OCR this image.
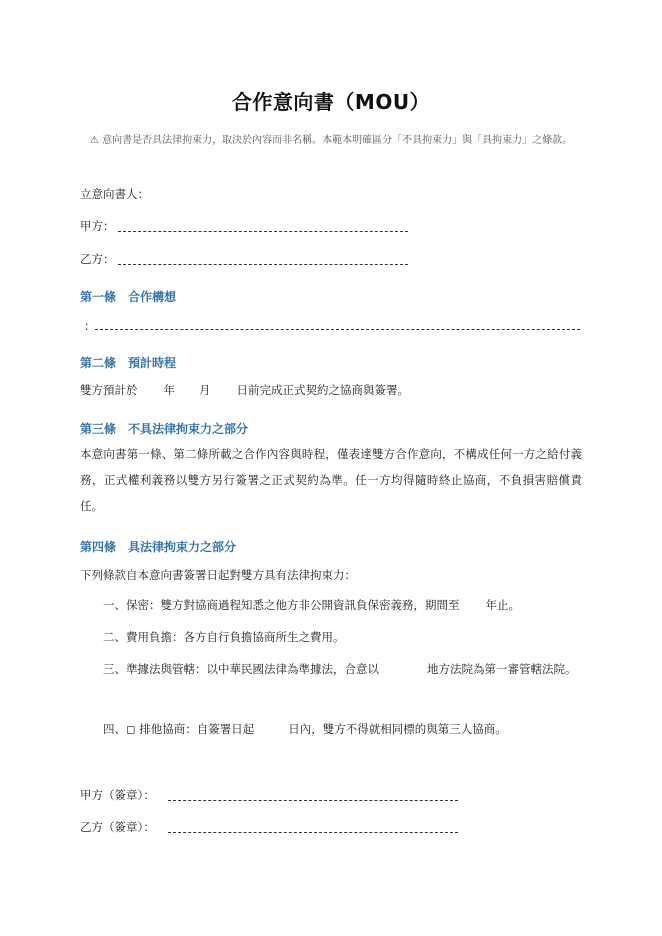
合作意向書（MOU）
⚠ 意向書是否具法律拘束力，取決於內容而非名稱。本範本明確區分「不具拘束力」與「具拘束力」之條款。
立意向書人：
甲方：
乙方：
第一條　合作構想
：
第二條　預計時程
雙方預計於 年 月 日前完成正式契約之協商與簽署。
第三條　不具法律拘束力之部分
本意向書第一條、第二條所載之合作內容與時程，僅表達雙方合作意向，不構成任何一方之給付義務，正式權利義務以雙方另行簽署之正式契約為準。任一方均得隨時終止協商，不負損害賠償責任。
第四條　具法律拘束力之部分
下列條款自本意向書簽署日起對雙方具有法律拘束力：
一、保密：雙方對協商過程知悉之他方非公開資訊負保密義務，期間至 年止。
二、費用負擔：各方自行負擔協商所生之費用。
三、準據法與管轄：以中華民國法律為準據法，合意以	地方法院為第一審管轄法院。
四、◻ 排他協商：自簽署日起	日內，雙方不得就相同標的與第三人協商。
甲方（簽章）：
乙方（簽章）：
